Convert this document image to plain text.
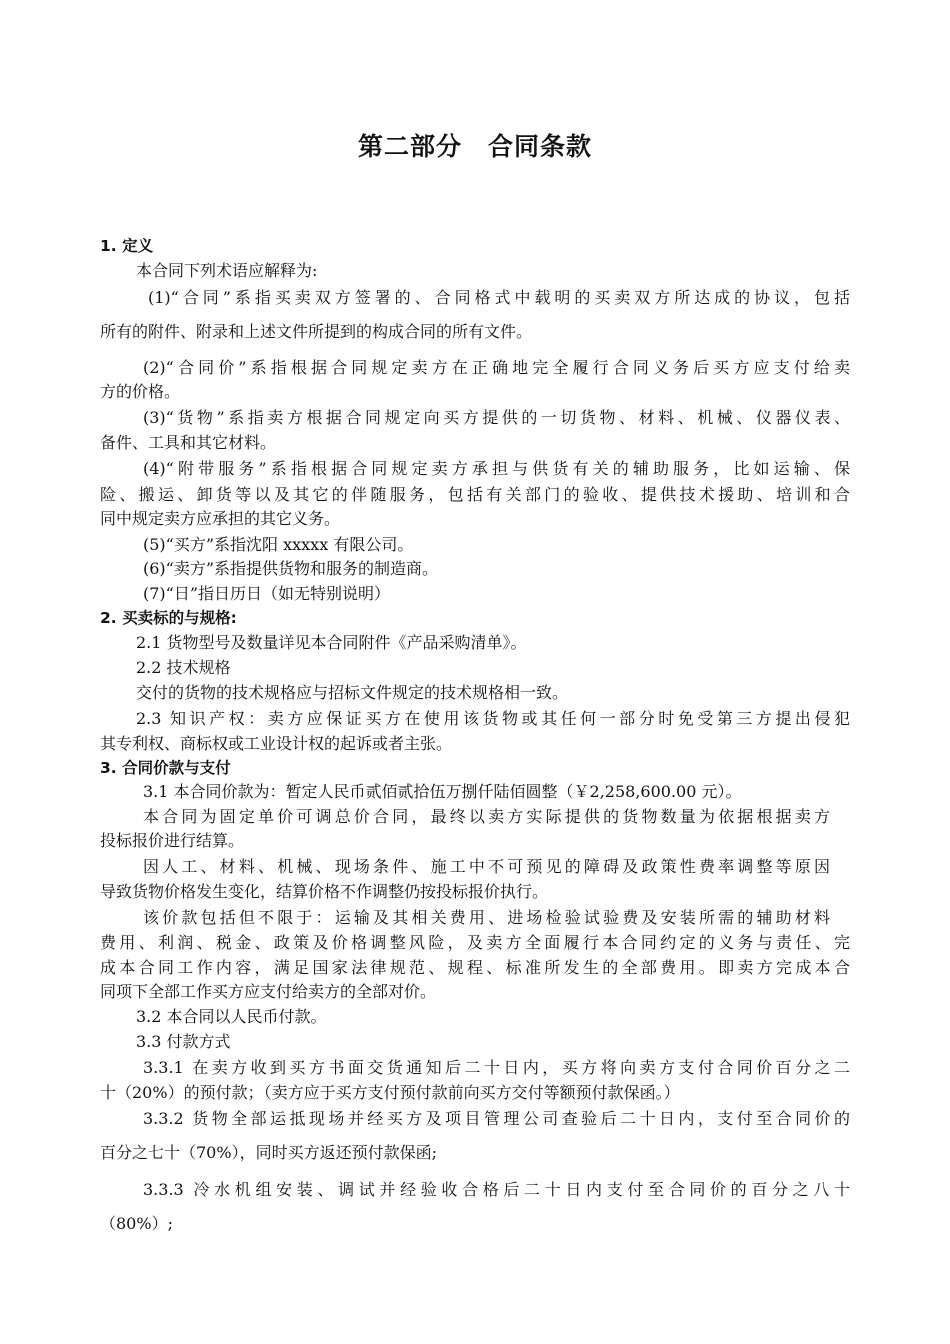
第二部分　合同条款
1. 定义
本合同下列术语应解释为:
(1)“合同”系指买卖双方签署的、合同格式中载明的买卖双方所达成的协议，包括
所有的附件、附录和上述文件所提到的构成合同的所有文件。
(2)“合同价”系指根据合同规定卖方在正确地完全履行合同义务后买方应支付给卖
方的价格。
(3)“货物”系指卖方根据合同规定向买方提供的一切货物、材料、机械、仪器仪表、
备件、工具和其它材料。
(4)“附带服务”系指根据合同规定卖方承担与供货有关的辅助服务，比如运输、保
险、搬运、卸货等以及其它的伴随服务，包括有关部门的验收、提供技术援助、培训和合
同中规定卖方应承担的其它义务。
(5)“买方”系指沈阳 xxxxx 有限公司。
(6)“卖方”系指提供货物和服务的制造商。
(7)“日”指日历日（如无特别说明）
2. 买卖标的与规格:
2.1 货物型号及数量详见本合同附件《产品采购清单》。
2.2 技术规格
交付的货物的技术规格应与招标文件规定的技术规格相一致。
2.3 知识产权：卖方应保证买方在使用该货物或其任何一部分时免受第三方提出侵犯
其专利权、商标权或工业设计权的起诉或者主张。
3. 合同价款与支付
3.1 本合同价款为：暂定人民币贰佰贰拾伍万捌仟陆佰圆整（￥2,258,600.00 元）。
本合同为固定单价可调总价合同，最终以卖方实际提供的货物数量为依据根据卖方
投标报价进行结算。
因人工、材料、机械、现场条件、施工中不可预见的障碍及政策性费率调整等原因
导致货物价格发生变化，结算价格不作调整仍按投标报价执行。
该价款包括但不限于：运输及其相关费用、进场检验试验费及安装所需的辅助材料
费用、利润、税金、政策及价格调整风险，及卖方全面履行本合同约定的义务与责任、完
成本合同工作内容，满足国家法律规范、规程、标准所发生的全部费用。即卖方完成本合
同项下全部工作买方应支付给卖方的全部对价。
3.2 本合同以人民币付款。
3.3 付款方式
3.3.1 在卖方收到买方书面交货通知后二十日内，买方将向卖方支付合同价百分之二
十（20%）的预付款；（卖方应于买方支付预付款前向买方交付等额预付款保函。）
3.3.2 货物全部运抵现场并经买方及项目管理公司查验后二十日内，支付至合同价的
百分之七十（70%），同时买方返还预付款保函;
3.3.3 冷水机组安装、调试并经验收合格后二十日内支付至合同价的百分之八十
（80%）;
